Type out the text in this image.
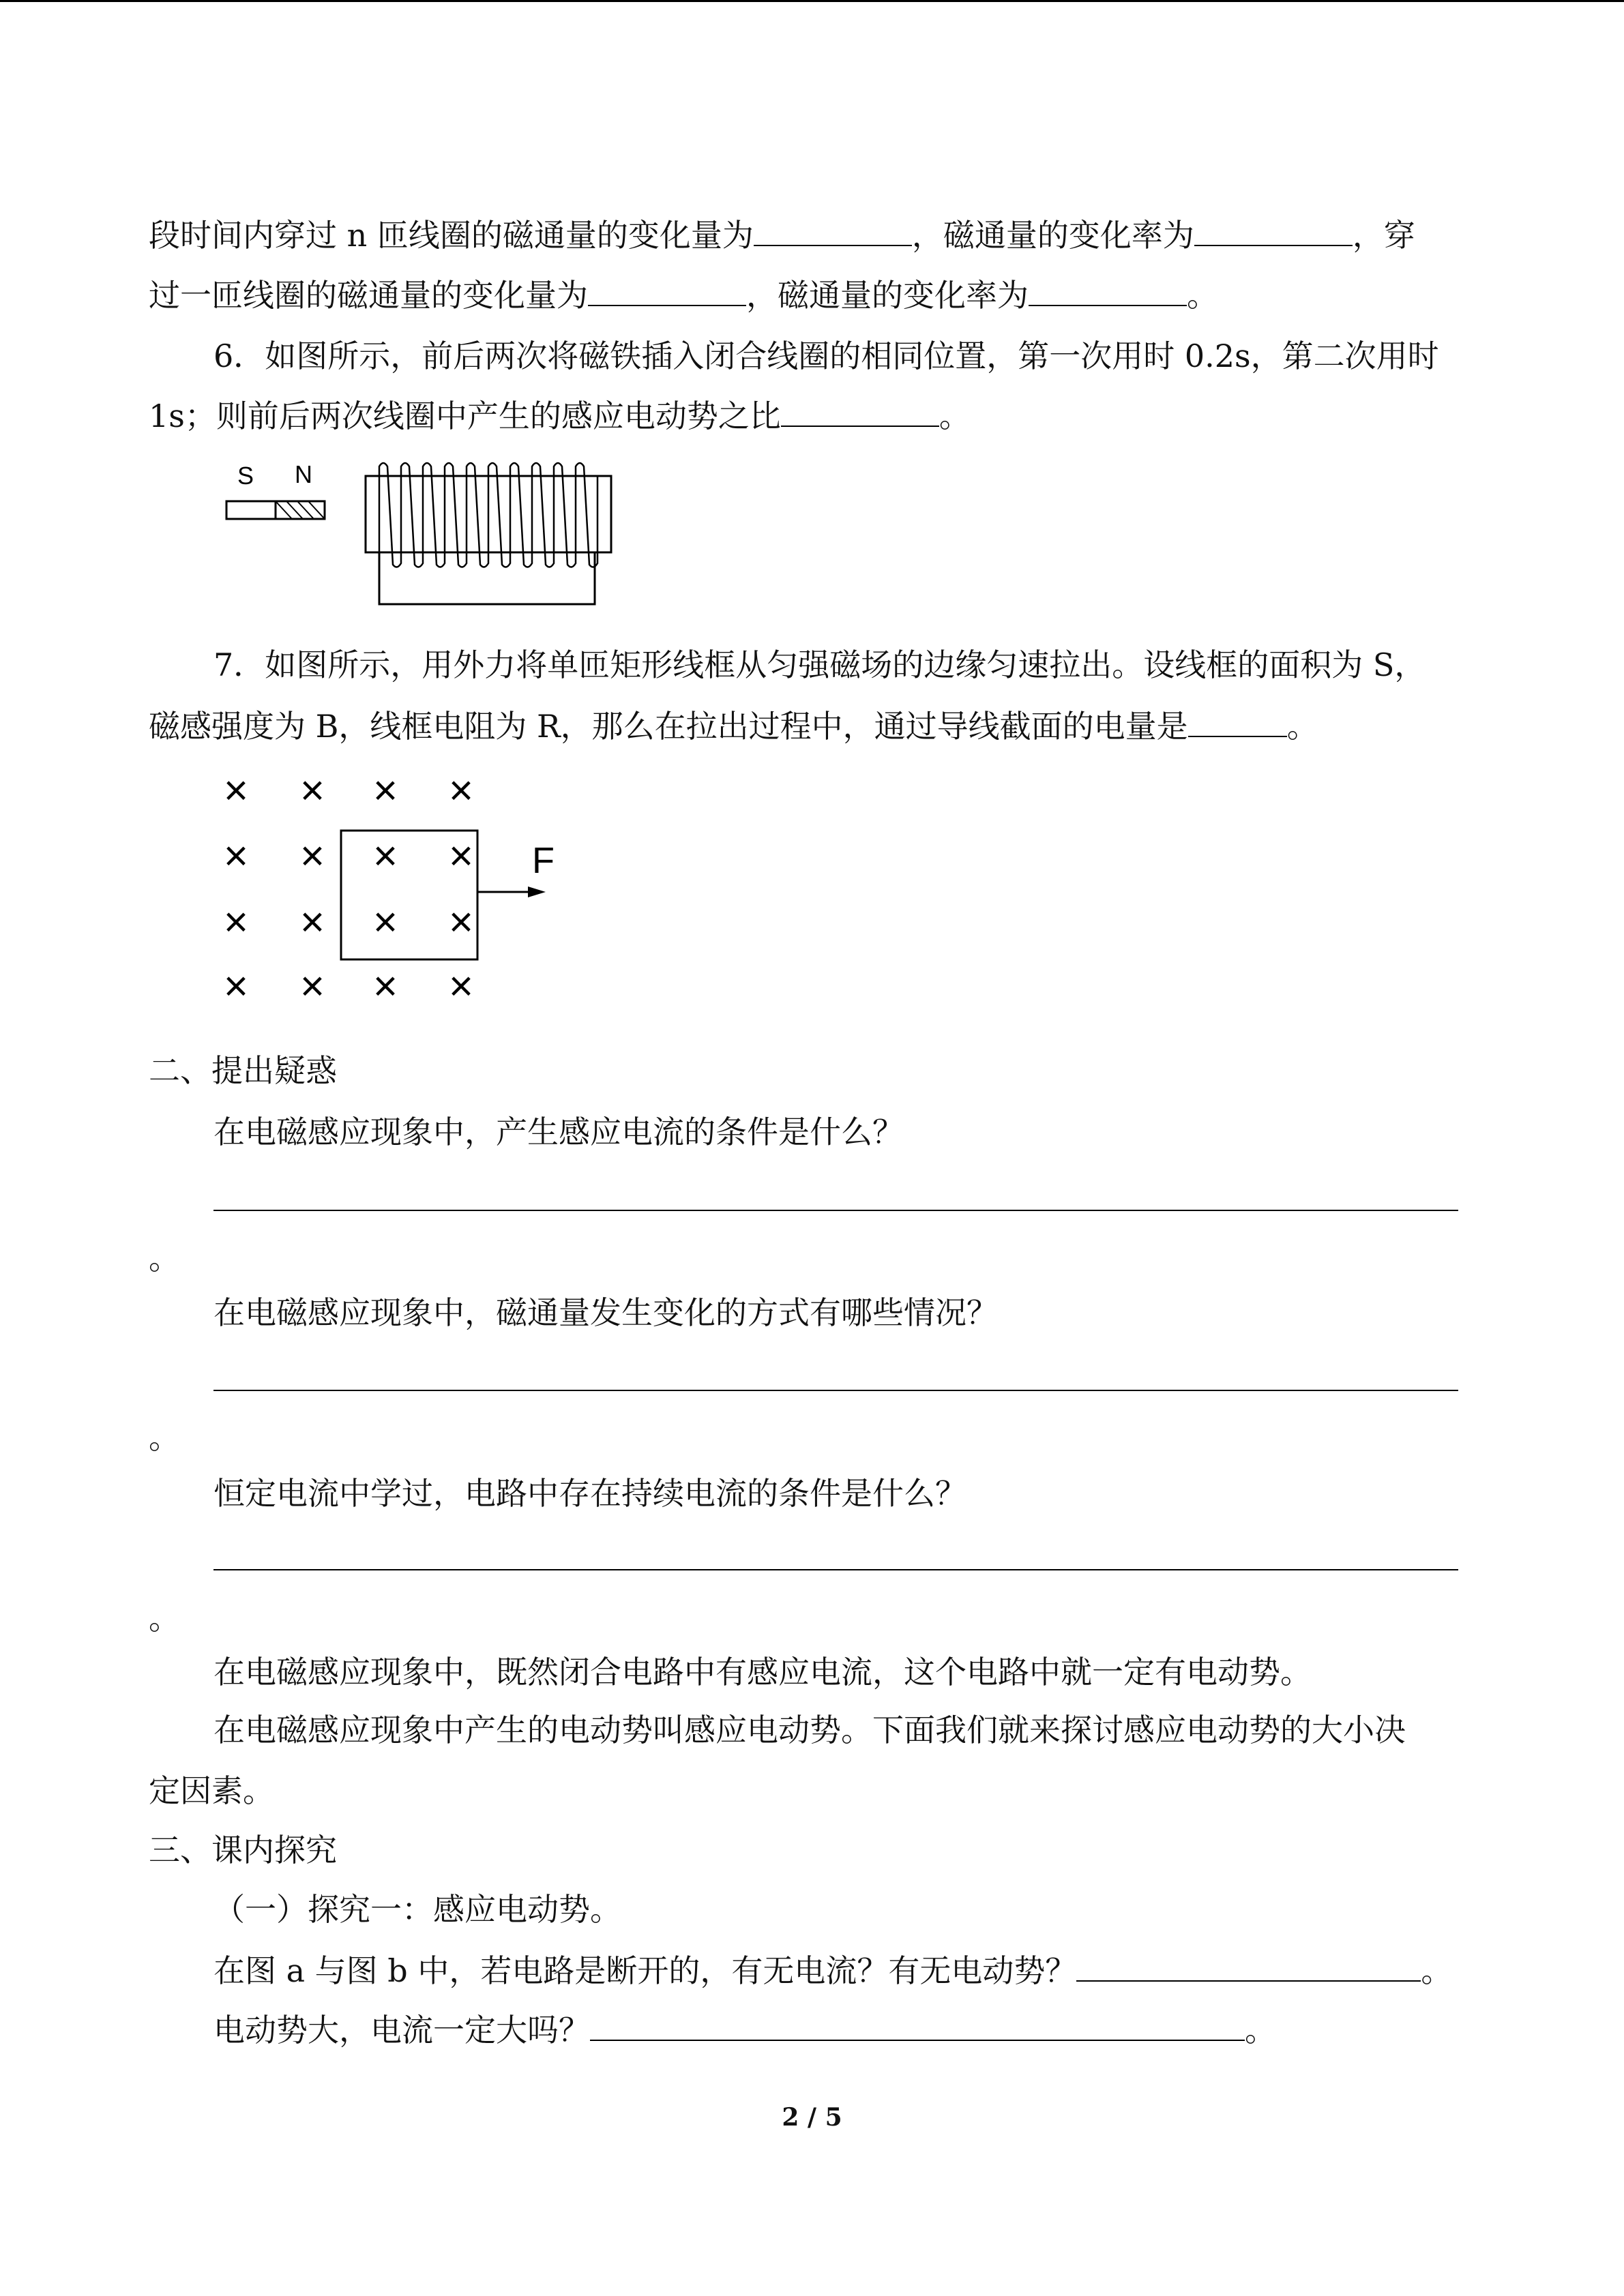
段时间内穿过 n 匝线圈的磁通量的变化量为	，磁通量的变化率为	，穿
过一匝线圈的磁通量的变化量为	，磁通量的变化率为	。
6．如图所示，前后两次将磁铁插入闭合线圈的相同位置，第一次用时 0.2s，第二次用时
1s；则前后两次线圈中产生的感应电动势之比	。
S N
7．如图所示，用外力将单匝矩形线框从匀强磁场的边缘匀速拉出。设线框的面积为 S，
磁感强度为 B，线框电阻为 R，那么在拉出过程中，通过导线截面的电量是	。
× × × ×
× × × ×
× × × ×
× × × ×
F
二、提出疑惑
在电磁感应现象中，产生感应电流的条件是什么？
。
在电磁感应现象中，磁通量发生变化的方式有哪些情况？
。
恒定电流中学过，电路中存在持续电流的条件是什么？
。
在电磁感应现象中，既然闭合电路中有感应电流，这个电路中就一定有电动势。
在电磁感应现象中产生的电动势叫感应电动势。下面我们就来探讨感应电动势的大小决
定因素。
三、课内探究
（一）探究一：感应电动势。
在图 a 与图 b 中，若电路是断开的，有无电流？有无电动势？	。
电动势大，电流一定大吗？	。
2 / 5
